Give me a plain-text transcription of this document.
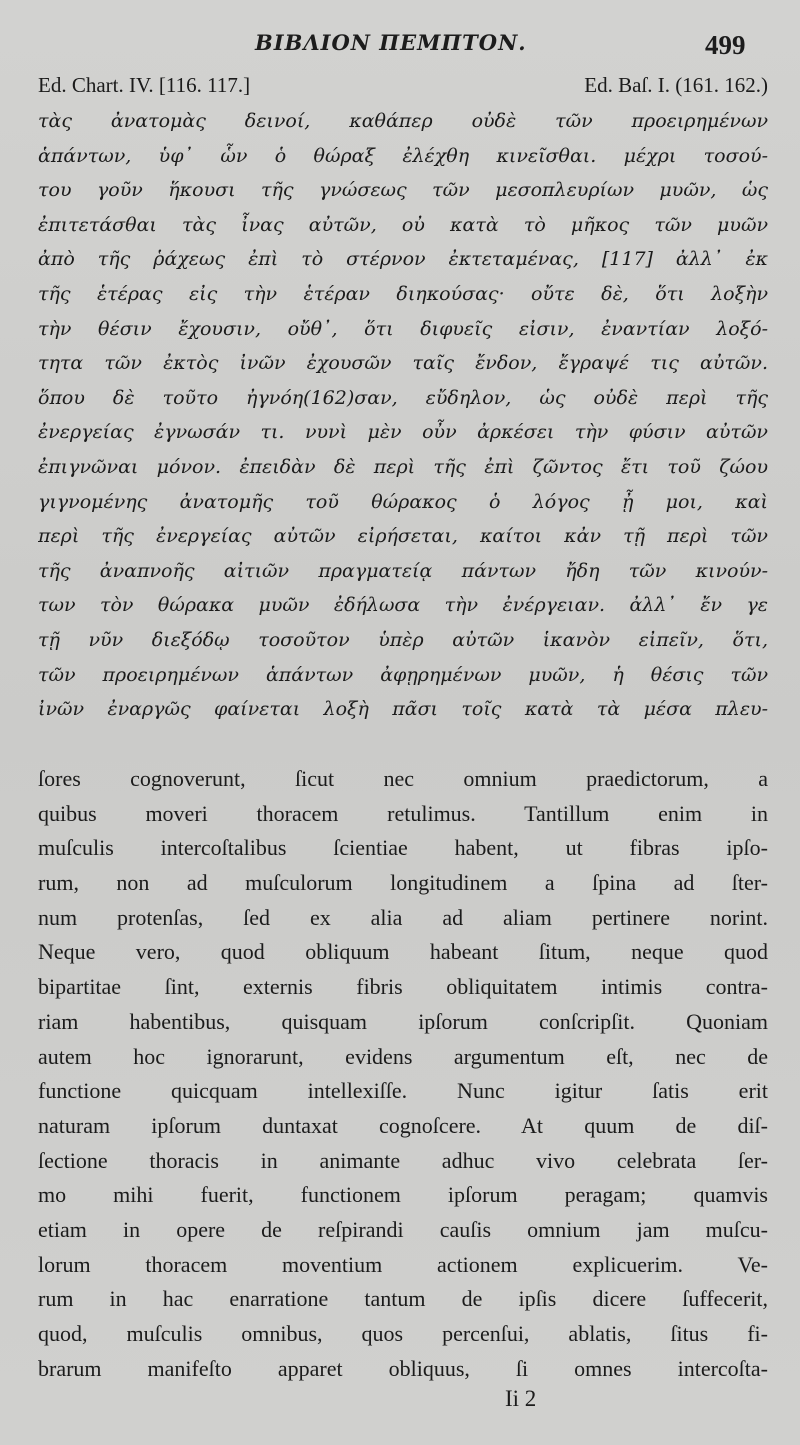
BIBΛΙΟΝ ΠΕΜΠΤΟΝ.	499
Ed. Chart. IV. [116. 117.]	Ed. Baſ. I. (161. 162.)
τὰς ἀνατομὰς δεινοί, καθάπερ οὐδὲ τῶν προειρημένων
ἁπάντων, ὑφ᾽ ὧν ὁ θώραξ ἐλέχθη κινεῖσθαι. μέχρι τοσού-
του γοῦν ἥκουσι τῆς γνώσεως τῶν μεσοπλευρίων μυῶν, ὡς
ἐπιτετάσθαι τὰς ἶνας αὐτῶν, οὐ κατὰ τὸ μῆκος τῶν μυῶν
ἀπὸ τῆς ῥάχεως ἐπὶ τὸ στέρνον ἐκτεταμένας, [117] ἀλλ᾽ ἐκ
τῆς ἑτέρας εἰς τὴν ἑτέραν διηκούσας· οὔτε δὲ, ὅτι λοξὴν
τὴν θέσιν ἔχουσιν, οὔθ᾽, ὅτι διφυεῖς εἰσιν, ἐναντίαν λοξό-
τητα τῶν ἐκτὸς ἰνῶν ἐχουσῶν ταῖς ἔνδον, ἔγραψέ τις αὐτῶν.
ὅπου δὲ τοῦτο ἠγνόη(162)σαν, εὔδηλον, ὡς οὐδὲ περὶ τῆς
ἐνεργείας ἐγνωσάν τι. νυνὶ μὲν οὖν ἀρκέσει τὴν φύσιν αὐτῶν
ἐπιγνῶναι μόνον. ἐπειδὰν δὲ περὶ τῆς ἐπὶ ζῶντος ἔτι τοῦ ζώου
γιγνομένης ἀνατομῆς τοῦ θώρακος ὁ λόγος ᾖ μοι, καὶ
περὶ τῆς ἐνεργείας αὐτῶν εἰρήσεται, καίτοι κἀν τῇ περὶ τῶν
τῆς ἀναπνοῆς αἰτιῶν πραγματείᾳ πάντων ἤδη τῶν κινούν-
των τὸν θώρακα μυῶν ἐδήλωσα τὴν ἐνέργειαν. ἀλλ᾽ ἔν γε
τῇ νῦν διεξόδῳ τοσοῦτον ὑπὲρ αὐτῶν ἱκανὸν εἰπεῖν, ὅτι,
τῶν προειρημένων ἁπάντων ἀφῃρημένων μυῶν, ἡ θέσις τῶν
ἰνῶν ἐναργῶς φαίνεται λοξὴ πᾶσι τοῖς κατὰ τὰ μέσα πλευ-
ſores cognoverunt, ſicut nec omnium praedictorum, a
quibus moveri thoracem retulimus. Tantillum enim in
muſculis intercoſtalibus ſcientiae habent, ut fibras ipſo-
rum, non ad muſculorum longitudinem a ſpina ad ſter-
num protenſas, ſed ex alia ad aliam pertinere norint.
Neque vero, quod obliquum habeant ſitum, neque quod
bipartitae ſint, externis fibris obliquitatem intimis contra-
riam habentibus, quisquam ipſorum conſcripſit. Quoniam
autem hoc ignorarunt, evidens argumentum eſt, nec de
functione quicquam intellexiſſe. Nunc igitur ſatis erit
naturam ipſorum duntaxat cognoſcere. At quum de diſ-
ſectione thoracis in animante adhuc vivo celebrata ſer-
mo mihi fuerit, functionem ipſorum peragam; quamvis
etiam in opere de reſpirandi cauſis omnium jam muſcu-
lorum thoracem moventium actionem explicuerim. Ve-
rum in hac enarratione tantum de ipſis dicere ſuffecerit,
quod, muſculis omnibus, quos percenſui, ablatis, ſitus fi-
brarum manifeſto apparet obliquus, ſi omnes intercoſta-
Ii 2
